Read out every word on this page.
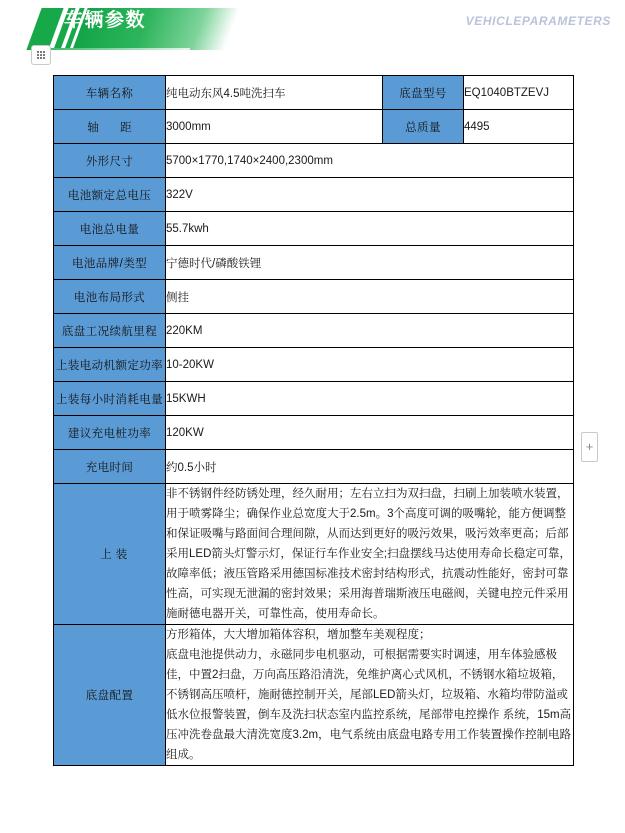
车辆参数	VEHICLEPARAMETERS
+
车辆名称	纯电动东风4.5吨洗扫车	底盘型号	EQ1040BTZEVJ
轴 距	3000mm	总质量	4495
外形尺寸	5700×1770,1740×2400,2300mm		
电池额定总电压	322V		
电池总电量	55.7kwh		
电池品牌/类型	宁德时代/磷酸铁锂		
电池布局形式	侧挂		
底盘工况续航里程	220KM		
上装电动机额定功率	10-20KW		
上装每小时消耗电量	15KWH		
建议充电桩功率	120KW		
充电时间	约0.5小时		
上 装	非不锈钢件经防锈处理，经久耐用；左右立扫为双扫盘，扫刷上加装喷水装置，用于喷雾降尘；确保作业总宽度大于2.5m。3个高度可调的吸嘴轮，能方便调整和保证吸嘴与路面间合理间隙，从而达到更好的吸污效果，吸污效率更高；后部采用LED箭头灯警示灯，保证行车作业安全;扫盘摆线马达使用寿命长稳定可靠，故障率低；液压管路采用德国标准技术密封结构形式，抗震动性能好，密封可靠性高，可实现无泄漏的密封效果；采用海普瑞斯液压电磁阀，关键电控元件采用施耐德电器开关，可靠性高，使用寿命长。		

底盘配置	方形箱体，大大增加箱体容积，增加整车美观程度；

底盘电池提供动力，永磁同步电机驱动，可根据需要实时调速，用车体验感极佳，中置2扫盘，万向高压路沿清洗，免维护离心式风机，不锈钢水箱垃圾箱，不锈钢高压喷杆，施耐德控制开关，尾部LED箭头灯，垃圾箱、水箱均带防溢或低水位报警装置，倒车及洗扫状态室内监控系统，尾部带电控操作 系统，15m高压冲洗卷盘最大清洗宽度3.2m，电气系统由底盘电路专用工作装置操作控制电路组成。		
